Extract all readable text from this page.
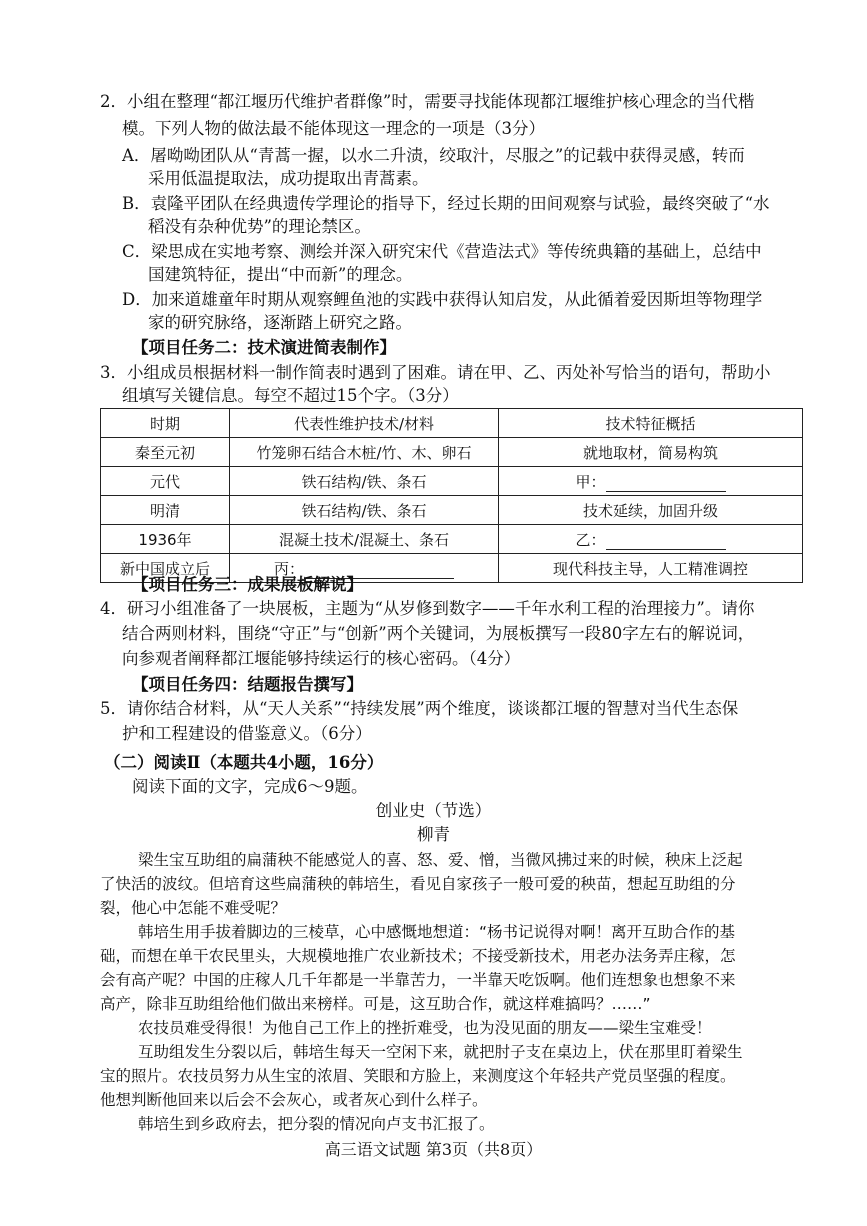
2．小组在整理“都江堰历代维护者群像”时，需要寻找能体现都江堰维护核心理念的当代楷
模。下列人物的做法最不能体现这一理念的一项是（3分）
A．屠呦呦团队从“青蒿一握，以水二升渍，绞取汁，尽服之”的记载中获得灵感，转而
采用低温提取法，成功提取出青蒿素。
B．袁隆平团队在经典遗传学理论的指导下，经过长期的田间观察与试验，最终突破了“水
稻没有杂种优势”的理论禁区。
C．梁思成在实地考察、测绘并深入研究宋代《营造法式》等传统典籍的基础上，总结中
国建筑特征，提出“中而新”的理念。
D．加来道雄童年时期从观察鲤鱼池的实践中获得认知启发，从此循着爱因斯坦等物理学
家的研究脉络，逐渐踏上研究之路。
【项目任务二：技术演进简表制作】
3．小组成员根据材料一制作简表时遇到了困难。请在甲、乙、丙处补写恰当的语句，帮助小
组填写关键信息。每空不超过15个字。（3分）
时期	代表性维护技术/材料	技术特征概括
秦至元初	竹笼卵石结合木桩/竹、木、卵石	就地取材，简易构筑
元代	铁石结构/铁、条石	甲：
明清	铁石结构/铁、条石	技术延续，加固升级
1936年	混凝土技术/混凝土、条石	乙：
新中国成立后	丙：	现代科技主导，人工精准调控
【项目任务三：成果展板解说】
4．研习小组准备了一块展板，主题为“从岁修到数字——千年水利工程的治理接力”。请你
结合两则材料，围绕“守正”与“创新”两个关键词，为展板撰写一段80字左右的解说词，
向参观者阐释都江堰能够持续运行的核心密码。（4分）
【项目任务四：结题报告撰写】
5．请你结合材料，从“天人关系”“持续发展”两个维度，谈谈都江堰的智慧对当代生态保
护和工程建设的借鉴意义。（6分）
（二）阅读Ⅱ（本题共4小题，16分）
阅读下面的文字，完成6～9题。
创业史（节选）
柳青
梁生宝互助组的扁蒲秧不能感觉人的喜、怒、爱、憎，当微风拂过来的时候，秧床上泛起
了快活的波纹。但培育这些扁蒲秧的韩培生，看见自家孩子一般可爱的秧苗，想起互助组的分
裂，他心中怎能不难受呢？
韩培生用手拔着脚边的三棱草，心中感慨地想道：“杨书记说得对啊！离开互助合作的基
础，而想在单干农民里头，大规模地推广农业新技术；不接受新技术，用老办法务弄庄稼，怎
会有高产呢？中国的庄稼人几千年都是一半靠苦力，一半靠天吃饭啊。他们连想象也想象不来
高产，除非互助组给他们做出来榜样。可是，这互助合作，就这样难搞吗？……”
农技员难受得很！为他自己工作上的挫折难受，也为没见面的朋友——梁生宝难受！
互助组发生分裂以后，韩培生每天一空闲下来，就把肘子支在桌边上，伏在那里盯着梁生
宝的照片。农技员努力从生宝的浓眉、笑眼和方脸上，来测度这个年轻共产党员坚强的程度。
他想判断他回来以后会不会灰心，或者灰心到什么样子。
韩培生到乡政府去，把分裂的情况向卢支书汇报了。
高三语文试题 第3页（共8页）
